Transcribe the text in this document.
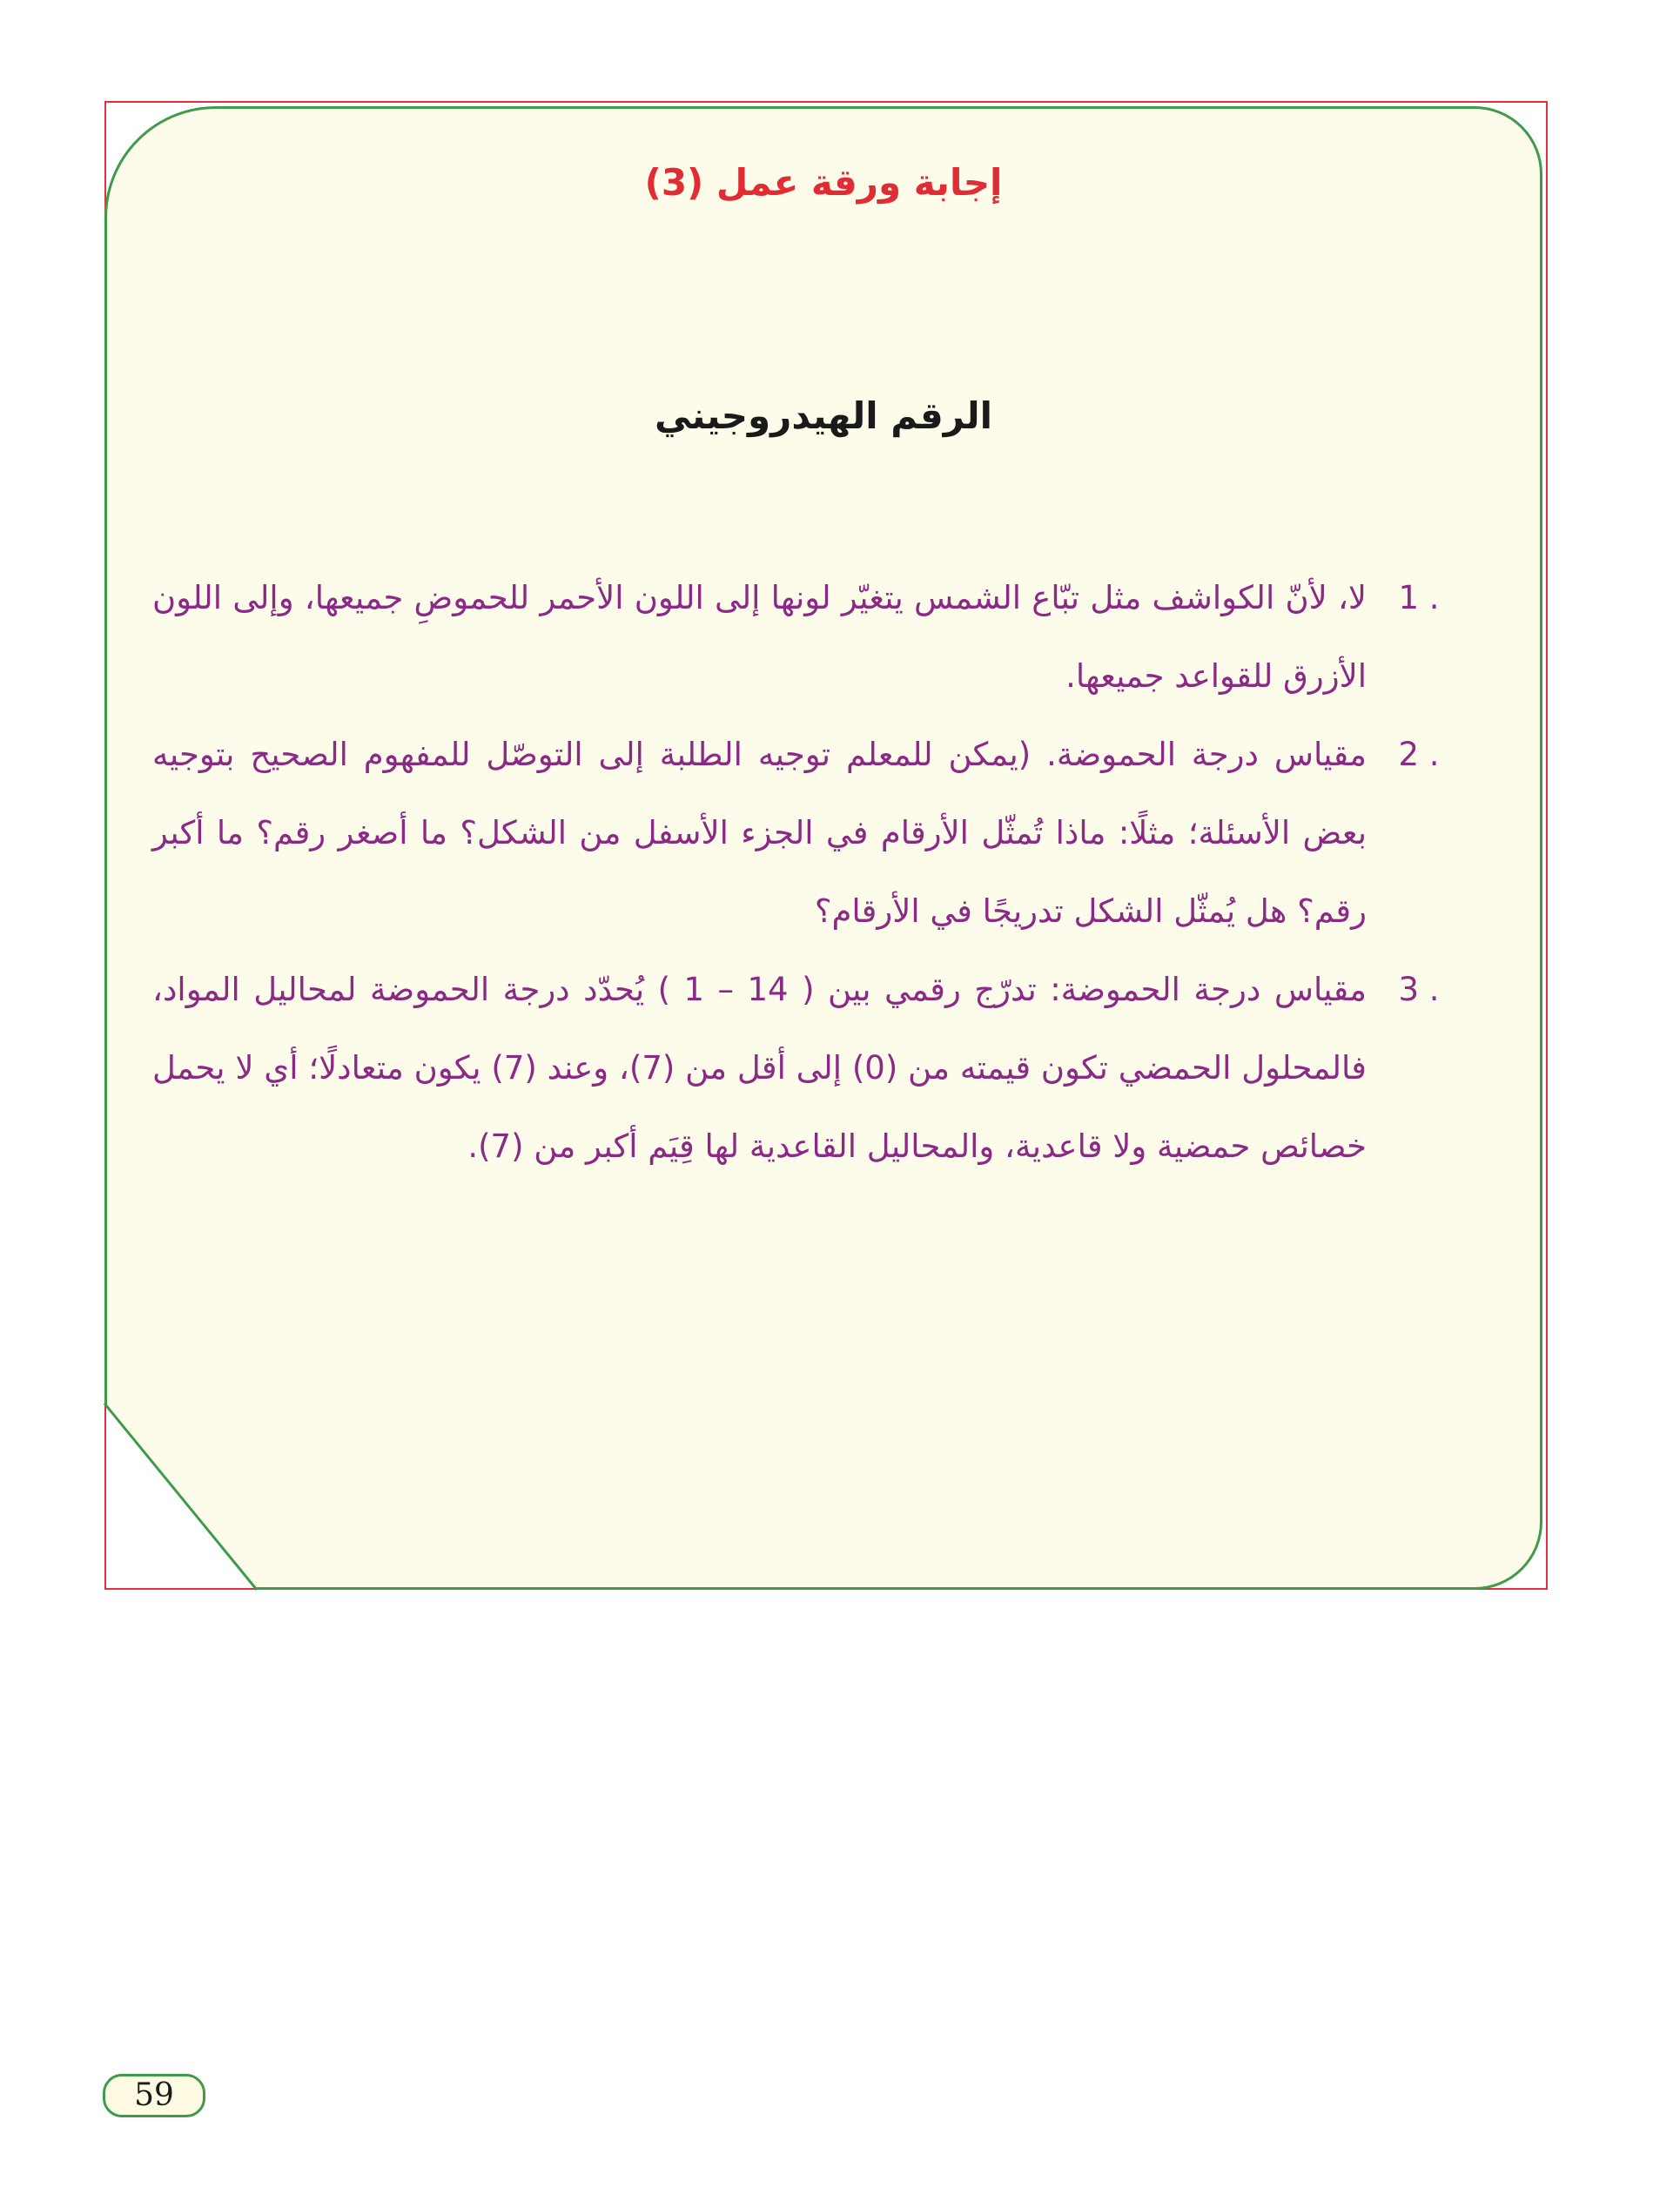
إجابة ورقة عمل (3)
الرقم الهيدروجيني
1 .
لا، لأنّ الكواشف مثل تبّاع الشمس يتغيّر لونها إلى اللون الأحمر للحموضِ جميعها، وإلى اللون الأزرق للقواعد جميعها.
2 .
مقياس درجة الحموضة. (يمكن للمعلم توجيه الطلبة إلى التوصّل للمفهوم الصحيح بتوجيه بعض الأسئلة؛ مثلًا: ماذا تُمثّل الأرقام في الجزء الأسفل من الشكل؟ ما أصغر رقم؟ ما أكبر رقم؟ هل يُمثّل الشكل تدريجًا في الأرقام؟
3 .
مقياس درجة الحموضة: تدرّج رقمي بين ( 14 – 1 ) يُحدّد درجة الحموضة لمحاليل المواد، فالمحلول الحمضي تكون قيمته من (0) إلى أقل من (7)، وعند (7) يكون متعادلًا؛ أي لا يحمل خصائص حمضية ولا قاعدية، والمحاليل القاعدية لها قِيَم أكبر من (7).
59
